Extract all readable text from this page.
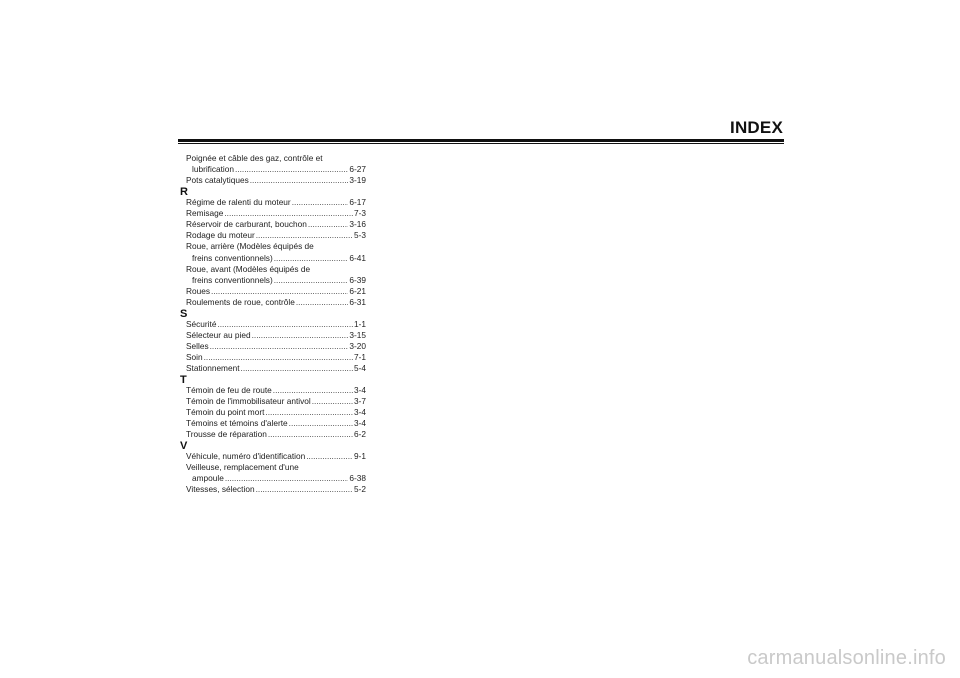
INDEX
Poignée et câble des gaz, contrôle et
lubrification .....	6-27
Pots catalytiques .....	3-19
R
Régime de ralenti du moteur .....	6-17
Remisage .....	7-3
Réservoir de carburant, bouchon .....	3-16
Rodage du moteur .....	5-3
Roue, arrière (Modèles équipés de
freins conventionnels) .....	6-41
Roue, avant (Modèles équipés de
freins conventionnels) .....	6-39
Roues .....	6-21
Roulements de roue, contrôle .....	6-31
S
Sécurité .....	1-1
Sélecteur au pied .....	3-15
Selles .....	3-20
Soin .....	7-1
Stationnement .....	5-4
T
Témoin de feu de route .....	3-4
Témoin de l'immobilisateur antivol .....	3-7
Témoin du point mort .....	3-4
Témoins et témoins d'alerte .....	3-4
Trousse de réparation .....	6-2
V
Véhicule, numéro d'identification .....	9-1
Veilleuse, remplacement d'une
ampoule .....	6-38
Vitesses, sélection .....	5-2
carmanualsonline.info
